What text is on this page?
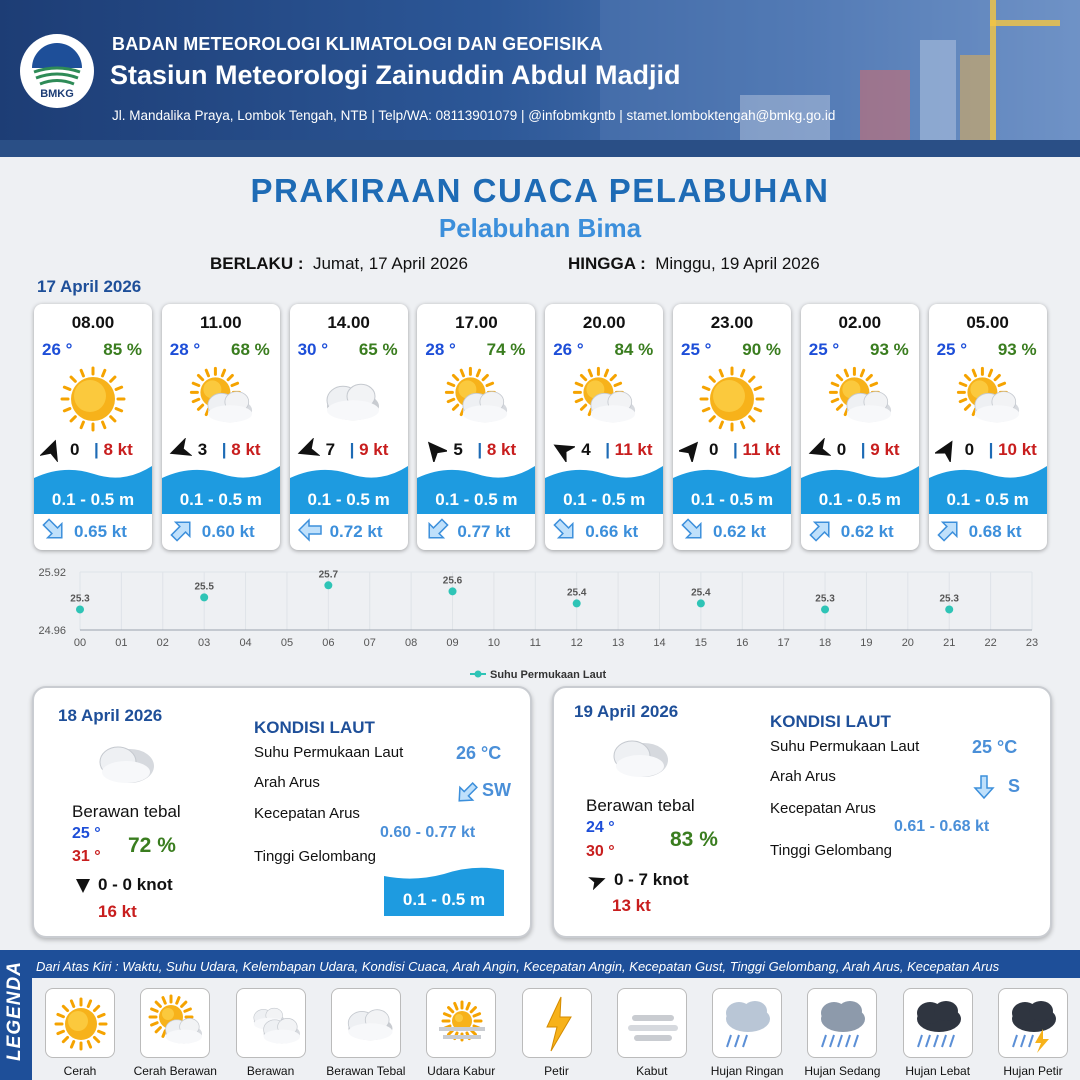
BMKG
BADAN METEOROLOGI KLIMATOLOGI DAN GEOFISIKA
Stasiun Meteorologi Zainuddin Abdul Madjid
Jl. Mandalika Praya, Lombok Tengah, NTB | Telp/WA: 08113901079 | @infobmkgntb | stamet.lomboktengah@bmkg.go.id
PRAKIRAAN CUACA PELABUHAN
Pelabuhan Bima
BERLAKU : Jumat, 17 April 2026	HINGGA : Minggu, 19 April 2026
17 April 2026
08.00
26 ° 85 %
0 | 8 kt
0.1 - 0.5 m
0.65 kt
11.00
28 ° 68 %
3 | 8 kt
0.1 - 0.5 m
0.60 kt
14.00
30 ° 65 %
7 | 9 kt
0.1 - 0.5 m
0.72 kt
17.00
28 ° 74 %
5 | 8 kt
0.1 - 0.5 m
0.77 kt
20.00
26 ° 84 %
4 | 11 kt
0.1 - 0.5 m
0.66 kt
23.00
25 ° 90 %
0 | 11 kt
0.1 - 0.5 m
0.62 kt
02.00
25 ° 93 %
0 | 9 kt
0.1 - 0.5 m
0.62 kt
05.00
25 ° 93 %
0 | 10 kt
0.1 - 0.5 m
0.68 kt
25.92
24.96
00	01	02	03	04	05	06	07	08	09	10	11	12	13	14	15	16	17	18	19	20	21	22	23
25.3
25.5
25.7
25.6
25.4	25.4
25.3	25.3
Suhu Permukaan Laut
18 April 2026
Berawan tebal
25 °
31 ° 72 %
0 - 0 knot
16 kt
KONDISI LAUT
Suhu Permukaan Laut	26 °C
Arah Arus	SW
Kecepatan Arus
0.60 - 0.77 kt
Tinggi Gelombang
0.1 - 0.5 m
19 April 2026
Berawan tebal
24 °
30 °
83 %
0 - 7 knot
13 kt
KONDISI LAUT
Suhu Permukaan Laut	25 °C
Arah Arus	S
Kecepatan Arus
0.61 - 0.68 kt
Tinggi Gelombang
LEGENDA Dari Atas Kiri : Waktu, Suhu Udara, Kelembapan Udara, Kondisi Cuaca, Arah Angin, Kecepatan Angin, Kecepatan Gust, Tinggi Gelombang, Arah Arus, Kecepatan Arus
Cerah	Cerah Berawan	Berawan	Berawan Tebal	Udara Kabur	Petir	Kabut	Hujan Ringan	Hujan Sedang	Hujan Lebat	Hujan Petir
